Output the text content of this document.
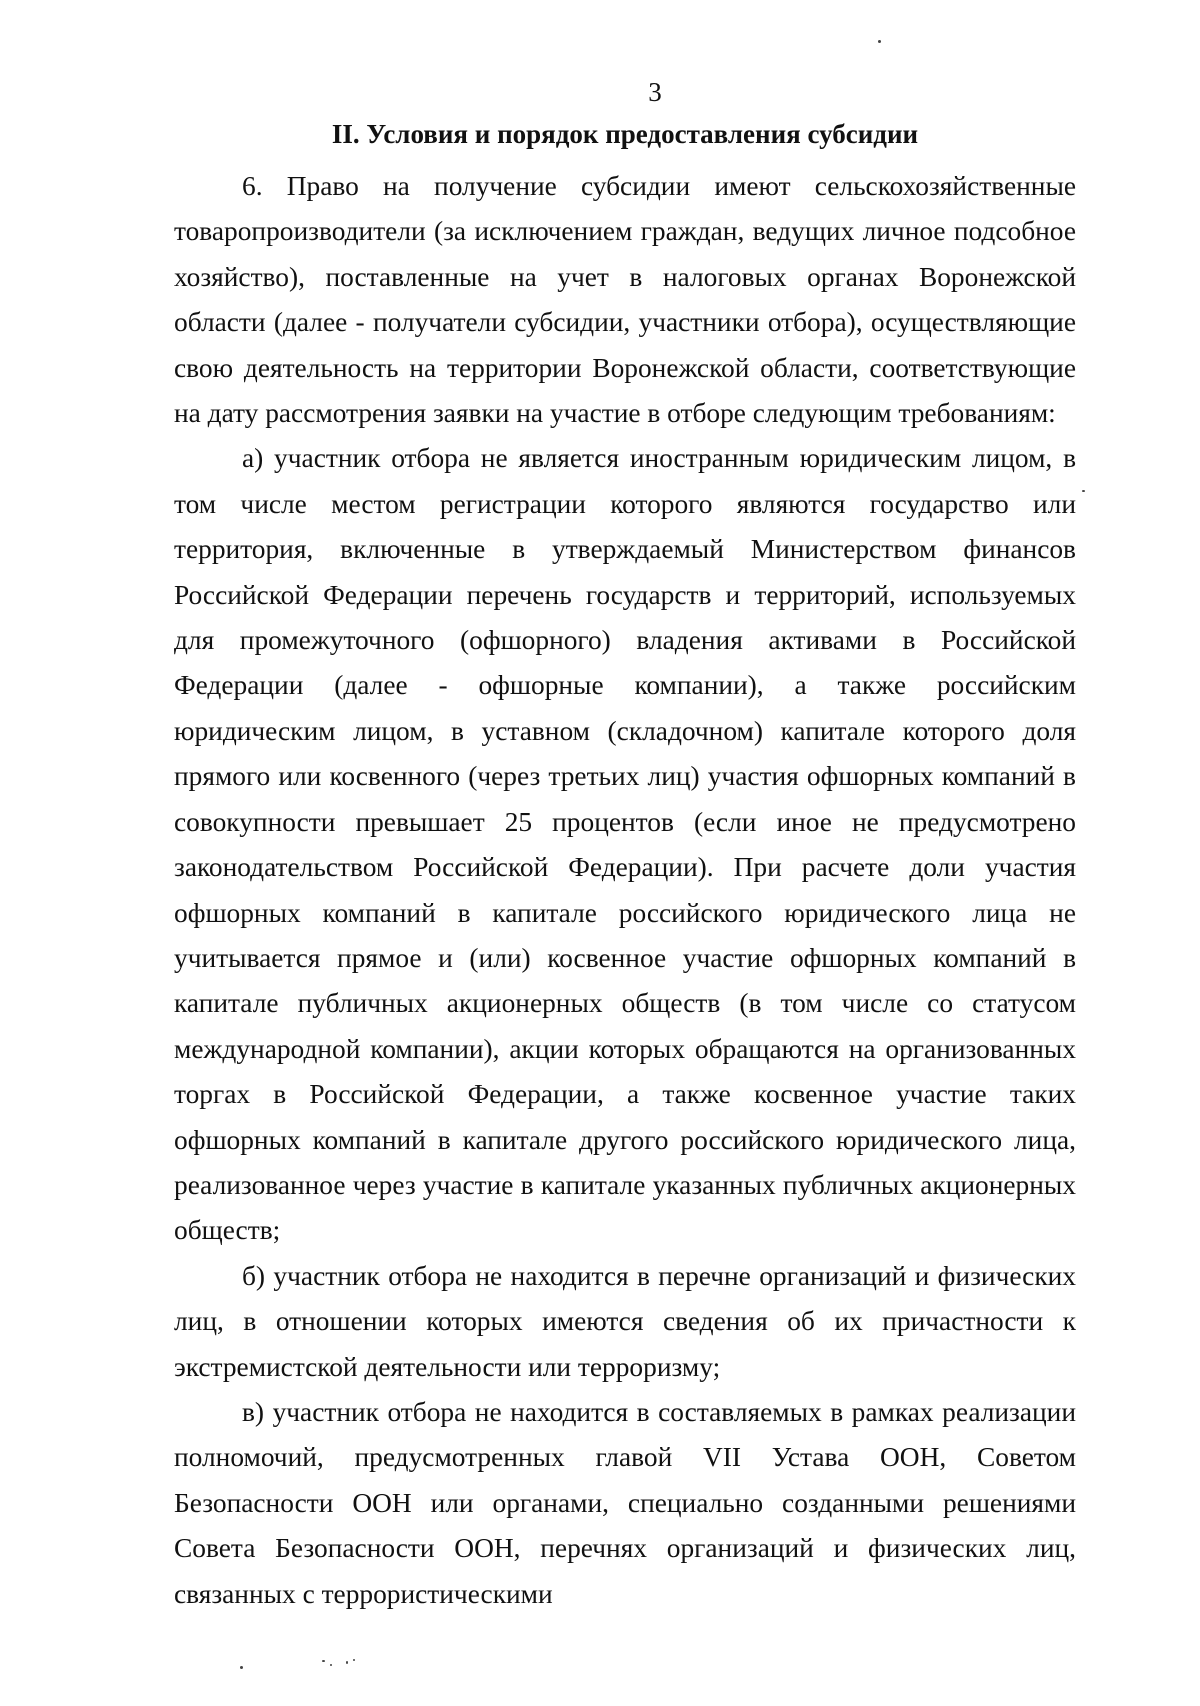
3
II. Условия и порядок предоставления субсидии

6. Право на получение субсидии имеют сельскохозяйственные товаропроизводители (за исключением граждан, ведущих личное подсобное хозяйство), поставленные на учет в налоговых органах Воронежской области (далее - получатели субсидии, участники отбора), осуществляющие свою деятельность на территории Воронежской области, соответствующие на дату рассмотрения заявки на участие в отборе следующим требованиям:

а) участник отбора не является иностранным юридическим лицом, в том числе местом регистрации которого являются государство или территория, включенные в утверждаемый Министерством финансов Российской Федерации перечень государств и территорий, используемых для промежуточного (офшорного) владения активами в Российской Федерации (далее - офшорные компании), а также российским юридическим лицом, в уставном (складочном) капитале которого доля прямого или косвенного (через третьих лиц) участия офшорных компаний в совокупности превышает 25 процентов (если иное не предусмотрено законодательством Российской Федерации). При расчете доли участия офшорных компаний в капитале российского юридического лица не учитывается прямое и (или) косвенное участие офшорных компаний в капитале публичных акционерных обществ (в том числе со статусом международной компании), акции которых обращаются на организованных торгах в Российской Федерации, а также косвенное участие таких офшорных компаний в капитале другого российского юридического лица, реализованное через участие в капитале указанных публичных акционерных обществ;

б) участник отбора не находится в перечне организаций и физических лиц, в отношении которых имеются сведения об их причастности к экстремистской деятельности или терроризму;

в) участник отбора не находится в составляемых в рамках реализации полномочий, предусмотренных главой VII Устава ООН, Советом Безопасности ООН или органами, специально созданными решениями Совета Безопасности ООН, перечнях организаций и физических лиц, связанных с террористическими
